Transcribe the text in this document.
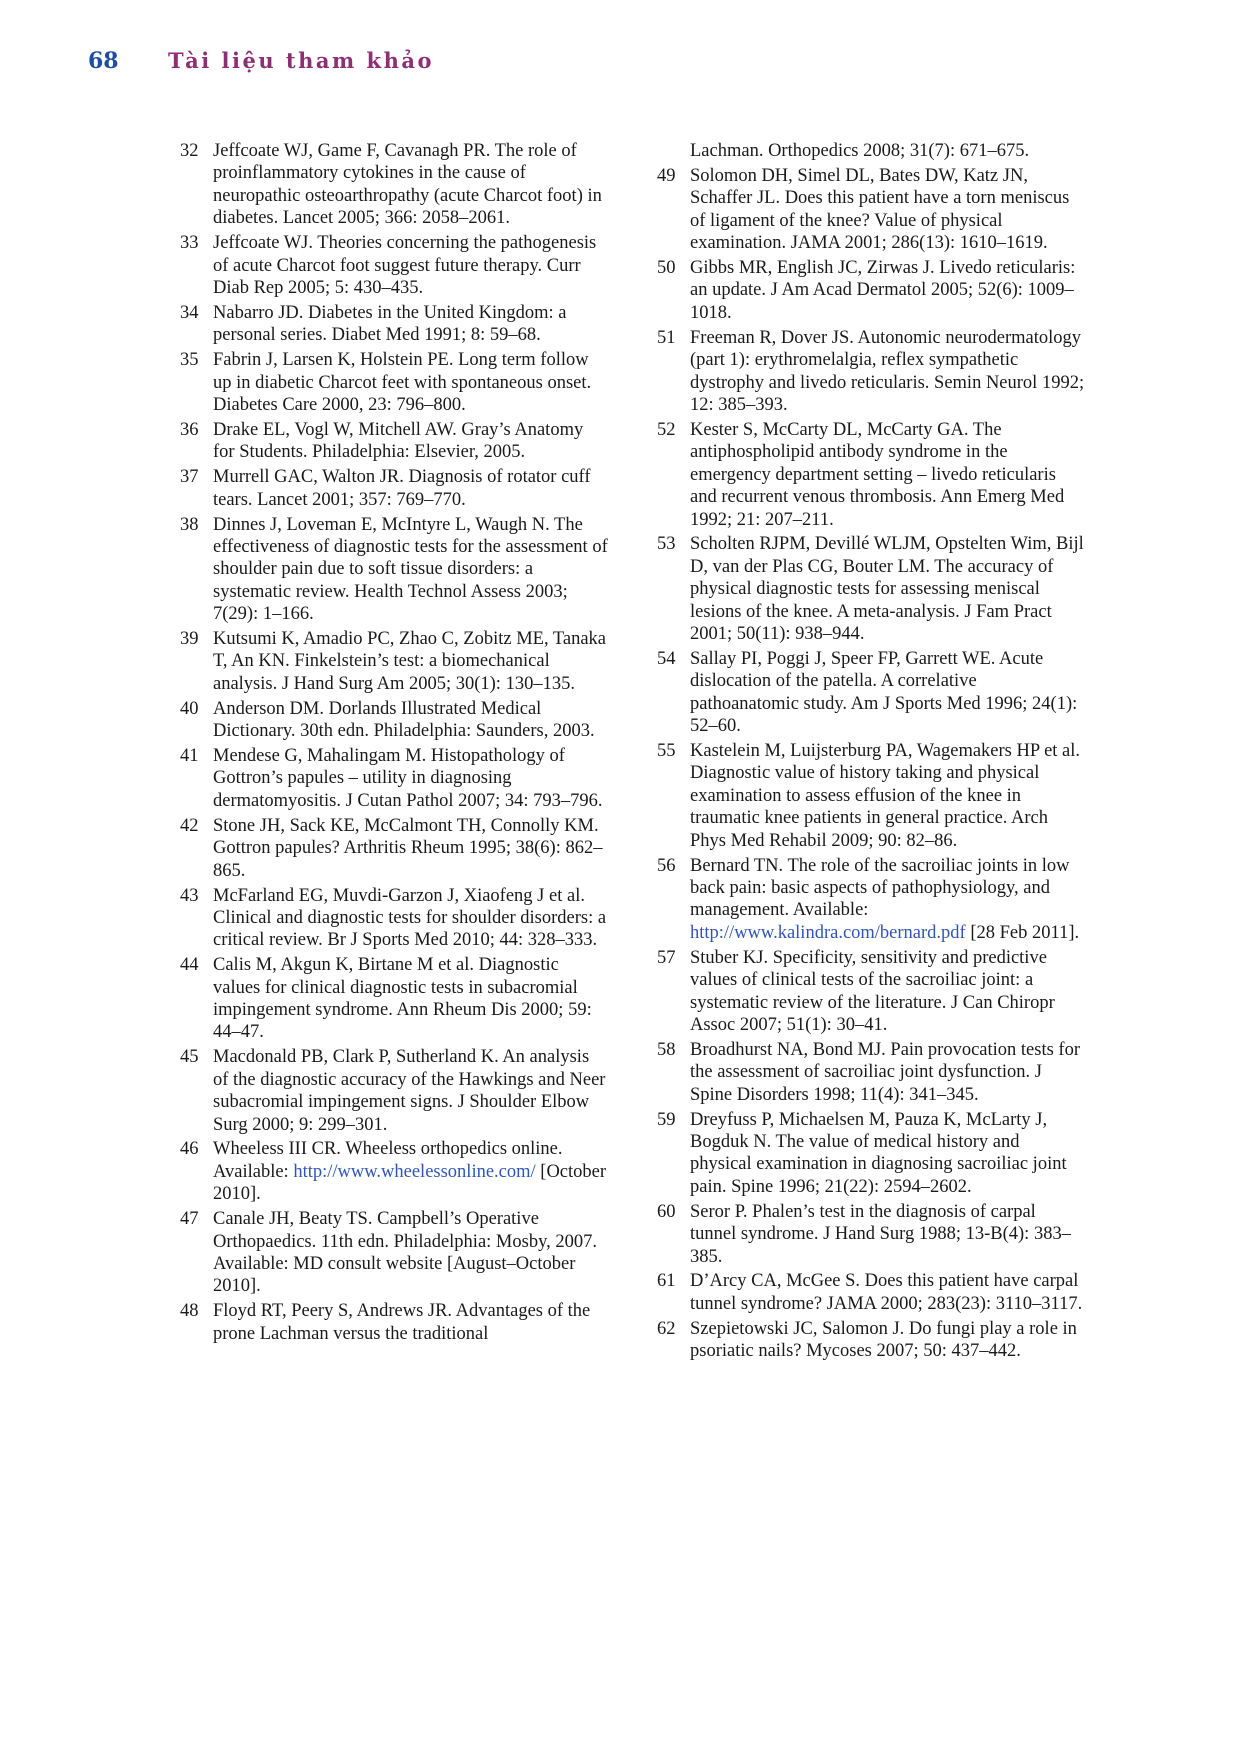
68	Tài liệu tham khảo
32 Jeffcoate WJ, Game F, Cavanagh PR. The role of proinflammatory cytokines in the cause of neuropathic osteoarthropathy (acute Charcot foot) in diabetes. Lancet 2005; 366: 2058–2061.
33 Jeffcoate WJ. Theories concerning the pathogenesis of acute Charcot foot suggest future therapy. Curr Diab Rep 2005; 5: 430–435.
34 Nabarro JD. Diabetes in the United Kingdom: a personal series. Diabet Med 1991; 8: 59–68.
35 Fabrin J, Larsen K, Holstein PE. Long term follow up in diabetic Charcot feet with spontaneous onset. Diabetes Care 2000, 23: 796–800.
36 Drake EL, Vogl W, Mitchell AW. Gray’s Anatomy for Students. Philadelphia: Elsevier, 2005.
37 Murrell GAC, Walton JR. Diagnosis of rotator cuff tears. Lancet 2001; 357: 769–770.
38 Dinnes J, Loveman E, McIntyre L, Waugh N. The effectiveness of diagnostic tests for the assessment of shoulder pain due to soft tissue disorders: a systematic review. Health Technol Assess 2003; 7(29): 1–166.
39 Kutsumi K, Amadio PC, Zhao C, Zobitz ME, Tanaka T, An KN. Finkelstein’s test: a biomechanical analysis. J Hand Surg Am 2005; 30(1): 130–135.
40 Anderson DM. Dorlands Illustrated Medical Dictionary. 30th edn. Philadelphia: Saunders, 2003.
41 Mendese G, Mahalingam M. Histopathology of Gottron’s papules – utility in diagnosing dermatomyositis. J Cutan Pathol 2007; 34: 793–796.
42 Stone JH, Sack KE, McCalmont TH, Connolly KM. Gottron papules? Arthritis Rheum 1995; 38(6): 862–865.
43 McFarland EG, Muvdi-Garzon J, Xiaofeng J et al. Clinical and diagnostic tests for shoulder disorders: a critical review. Br J Sports Med 2010; 44: 328–333.
44 Calis M, Akgun K, Birtane M et al. Diagnostic values for clinical diagnostic tests in subacromial impingement syndrome. Ann Rheum Dis 2000; 59: 44–47.
45 Macdonald PB, Clark P, Sutherland K. An analysis of the diagnostic accuracy of the Hawkings and Neer subacromial impingement signs. J Shoulder Elbow Surg 2000; 9: 299–301.
46 Wheeless III CR. Wheeless orthopedics online. Available: http://www.wheelessonline.com/ [October 2010].
47 Canale JH, Beaty TS. Campbell’s Operative Orthopaedics. 11th edn. Philadelphia: Mosby, 2007. Available: MD consult website [August–October 2010].
48 Floyd RT, Peery S, Andrews JR. Advantages of the prone Lachman versus the traditional
Lachman. Orthopedics 2008; 31(7): 671–675.
49 Solomon DH, Simel DL, Bates DW, Katz JN, Schaffer JL. Does this patient have a torn meniscus of ligament of the knee? Value of physical examination. JAMA 2001; 286(13): 1610–1619.
50 Gibbs MR, English JC, Zirwas J. Livedo reticularis: an update. J Am Acad Dermatol 2005; 52(6): 1009–1018.
51 Freeman R, Dover JS. Autonomic neurodermatology (part 1): erythromelalgia, reflex sympathetic dystrophy and livedo reticularis. Semin Neurol 1992; 12: 385–393.
52 Kester S, McCarty DL, McCarty GA. The antiphospholipid antibody syndrome in the emergency department setting – livedo reticularis and recurrent venous thrombosis. Ann Emerg Med 1992; 21: 207–211.
53 Scholten RJPM, Devillé WLJM, Opstelten Wim, Bijl D, van der Plas CG, Bouter LM. The accuracy of physical diagnostic tests for assessing meniscal lesions of the knee. A meta-analysis. J Fam Pract 2001; 50(11): 938–944.
54 Sallay PI, Poggi J, Speer FP, Garrett WE. Acute dislocation of the patella. A correlative pathoanatomic study. Am J Sports Med 1996; 24(1): 52–60.
55 Kastelein M, Luijsterburg PA, Wagemakers HP et al. Diagnostic value of history taking and physical examination to assess effusion of the knee in traumatic knee patients in general practice. Arch Phys Med Rehabil 2009; 90: 82–86.
56 Bernard TN. The role of the sacroiliac joints in low back pain: basic aspects of pathophysiology, and management. Available: http://www.kalindra.com/bernard.pdf [28 Feb 2011].
57 Stuber KJ. Specificity, sensitivity and predictive values of clinical tests of the sacroiliac joint: a systematic review of the literature. J Can Chiropr Assoc 2007; 51(1): 30–41.
58 Broadhurst NA, Bond MJ. Pain provocation tests for the assessment of sacroiliac joint dysfunction. J Spine Disorders 1998; 11(4): 341–345.
59 Dreyfuss P, Michaelsen M, Pauza K, McLarty J, Bogduk N. The value of medical history and physical examination in diagnosing sacroiliac joint pain. Spine 1996; 21(22): 2594–2602.
60 Seror P. Phalen’s test in the diagnosis of carpal tunnel syndrome. J Hand Surg 1988; 13-B(4): 383–385.
61 D’Arcy CA, McGee S. Does this patient have carpal tunnel syndrome? JAMA 2000; 283(23): 3110–3117.
62 Szepietowski JC, Salomon J. Do fungi play a role in psoriatic nails? Mycoses 2007; 50: 437–442.
